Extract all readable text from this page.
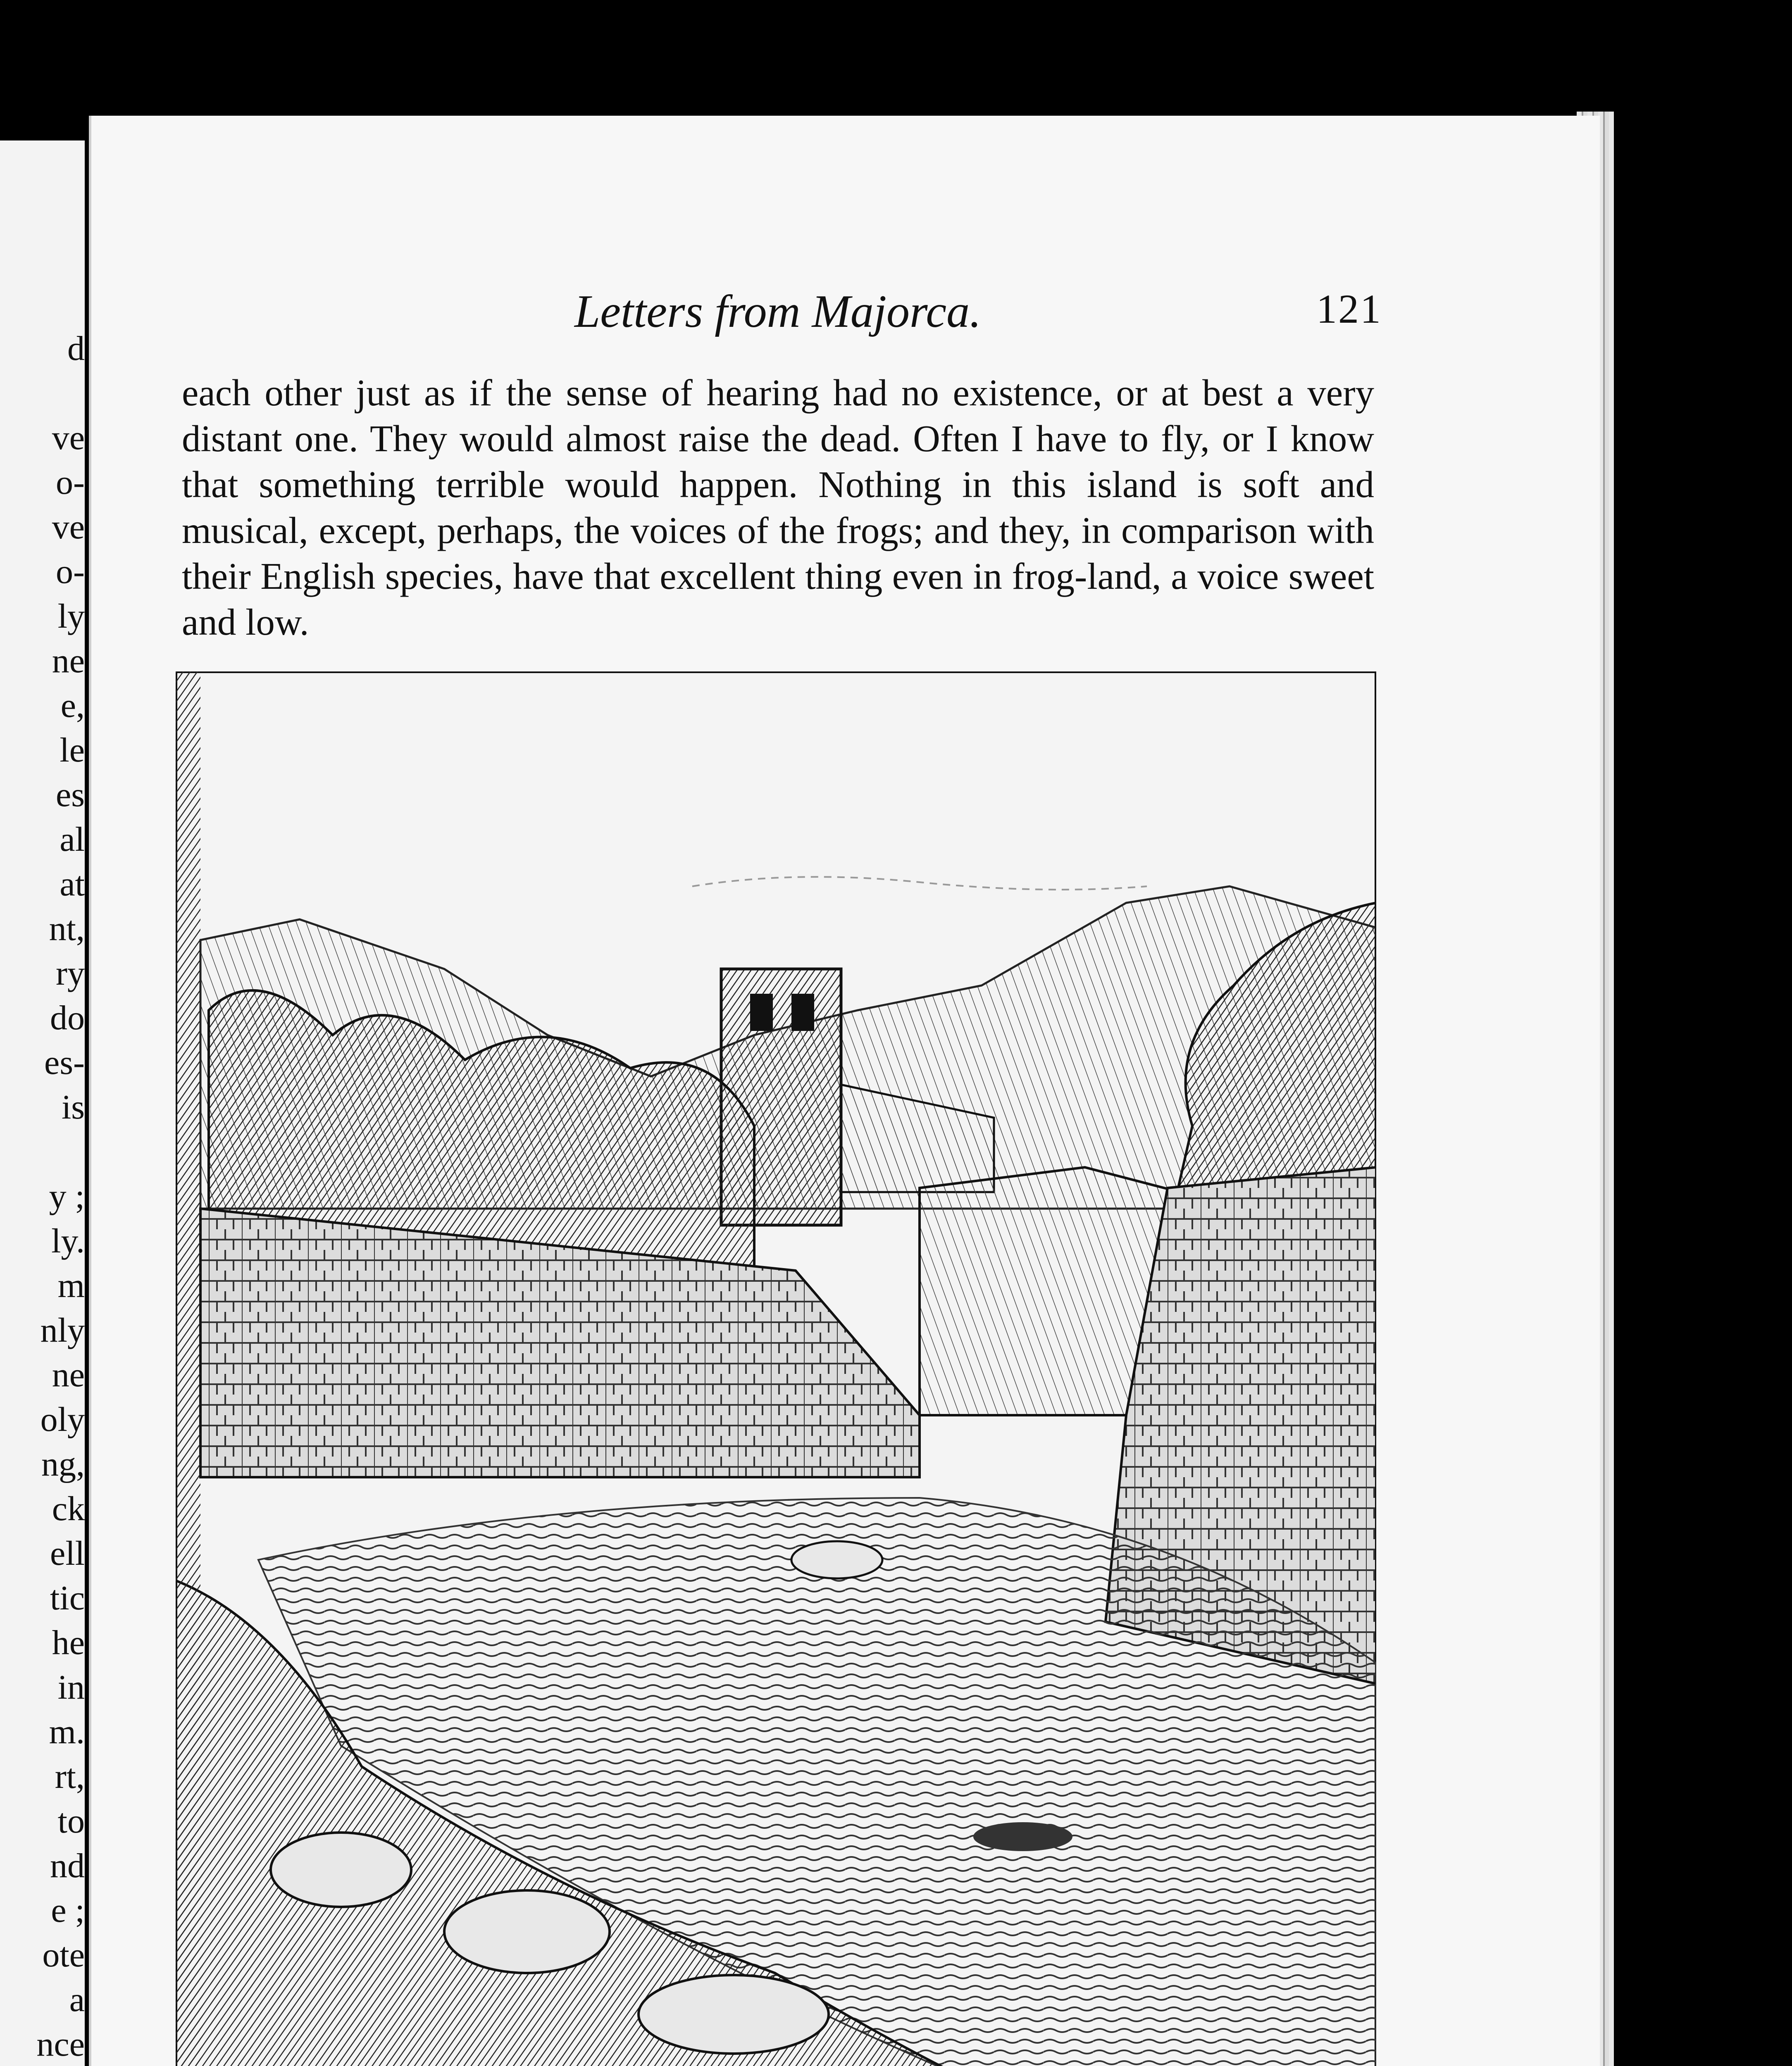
d
ve
o-
ve
o-
ly
ne
e,
le
es
al
at
nt,
ry
do
es-
is
y ;
ly.
m
nly
ne
oly
ng,
ck
ell
tic
he
in
m.
rt,
to
nd
e ;
ote
a
nce
Letters from Majorca.	121

each other just as if the sense of hearing had no existence, or at best a very distant one. They would almost raise the dead. Often I have to fly, or I know that something terrible would happen. Nothing in this island is soft and musical, except, perhaps, the voices of the frogs; and they, in comparison with their English species, have that excellent thing even in frog-land, a voice sweet and low.
